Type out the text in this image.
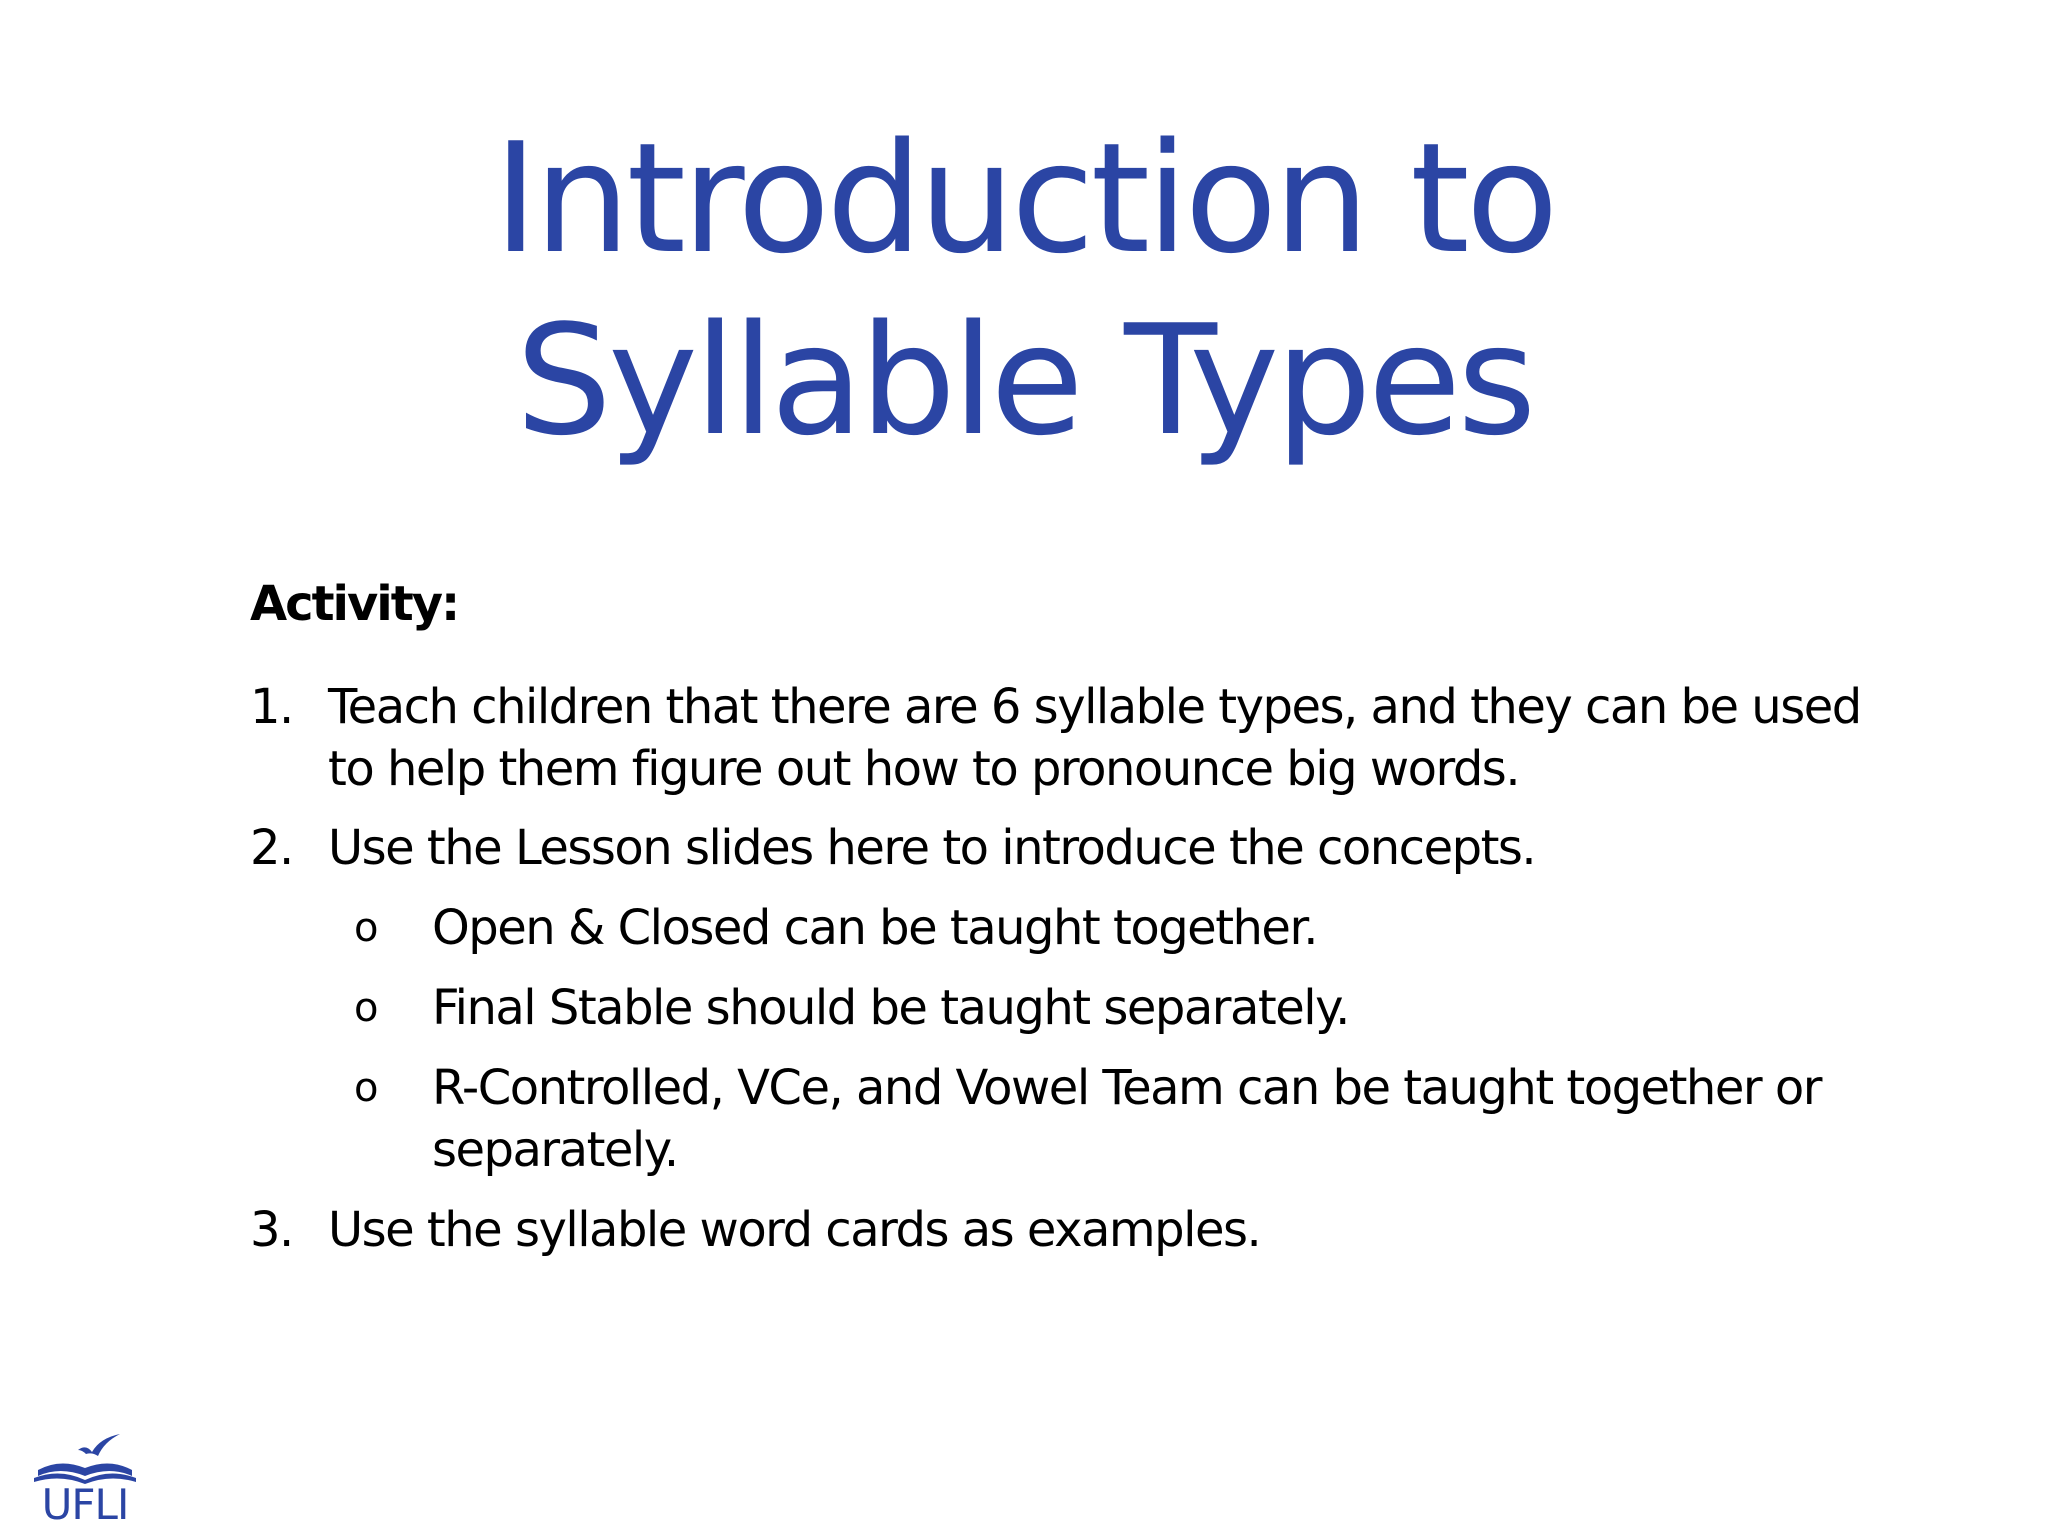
Introduction to
Syllable Types
Activity:
1. Teach children that there are 6 syllable types, and they can be used
to help them figure out how to pronounce big words.
2. Use the Lesson slides here to introduce the concepts.
o Open & Closed can be taught together.
o Final Stable should be taught separately.
o R-Controlled, VCe, and Vowel Team can be taught together or
separately.
3. Use the syllable word cards as examples.
UFLI
